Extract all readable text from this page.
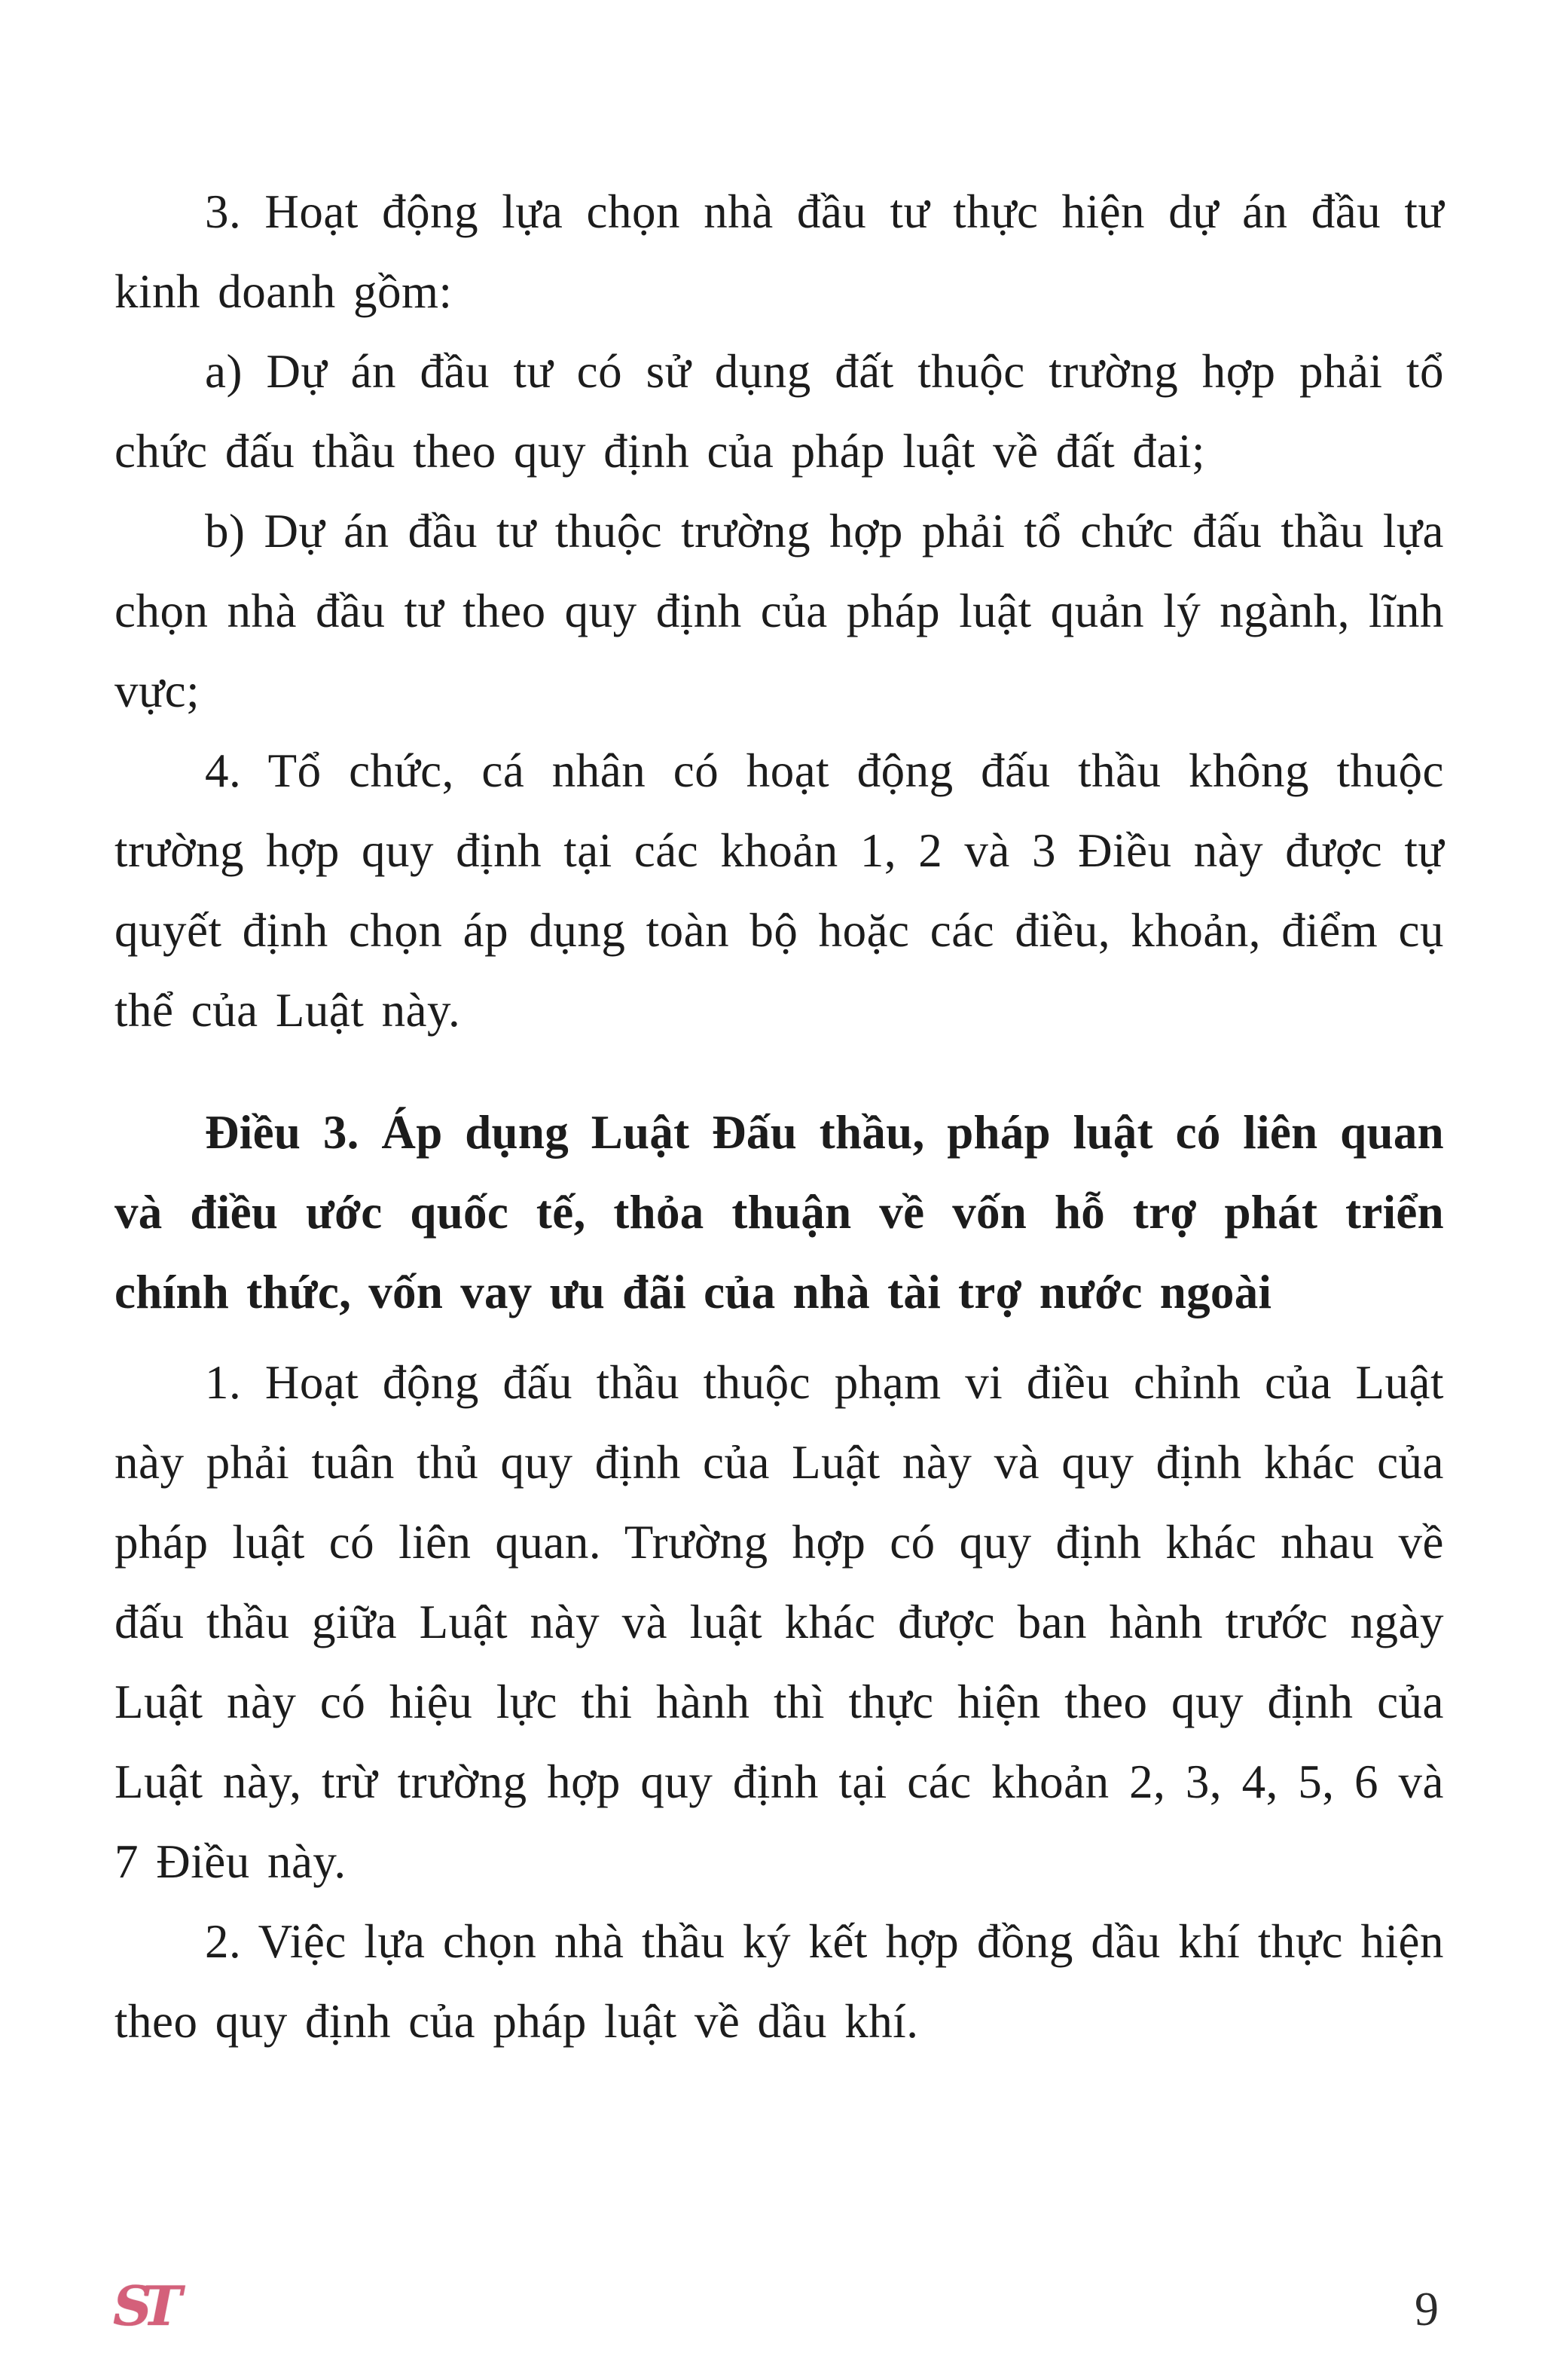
3. Hoạt động lựa chọn nhà đầu tư thực hiện dự án đầu tư kinh doanh gồm:

a) Dự án đầu tư có sử dụng đất thuộc trường hợp phải tổ chức đấu thầu theo quy định của pháp luật về đất đai;

b) Dự án đầu tư thuộc trường hợp phải tổ chức đấu thầu lựa chọn nhà đầu tư theo quy định của pháp luật quản lý ngành, lĩnh vực;

4. Tổ chức, cá nhân có hoạt động đấu thầu không thuộc trường hợp quy định tại các khoản 1, 2 và 3 Điều này được tự quyết định chọn áp dụng toàn bộ hoặc các điều, khoản, điểm cụ thể của Luật này.

Điều 3. Áp dụng Luật Đấu thầu, pháp luật có liên quan và điều ước quốc tế, thỏa thuận về vốn hỗ trợ phát triển chính thức, vốn vay ưu đãi của nhà tài trợ nước ngoài

1. Hoạt động đấu thầu thuộc phạm vi điều chỉnh của Luật này phải tuân thủ quy định của Luật này và quy định khác của pháp luật có liên quan. Trường hợp có quy định khác nhau về đấu thầu giữa Luật này và luật khác được ban hành trước ngày Luật này có hiệu lực thi hành thì thực hiện theo quy định của Luật này, trừ trường hợp quy định tại các khoản 2, 3, 4, 5, 6 và 7 Điều này.

2. Việc lựa chọn nhà thầu ký kết hợp đồng dầu khí thực hiện theo quy định của pháp luật về dầu khí.

ST	9
